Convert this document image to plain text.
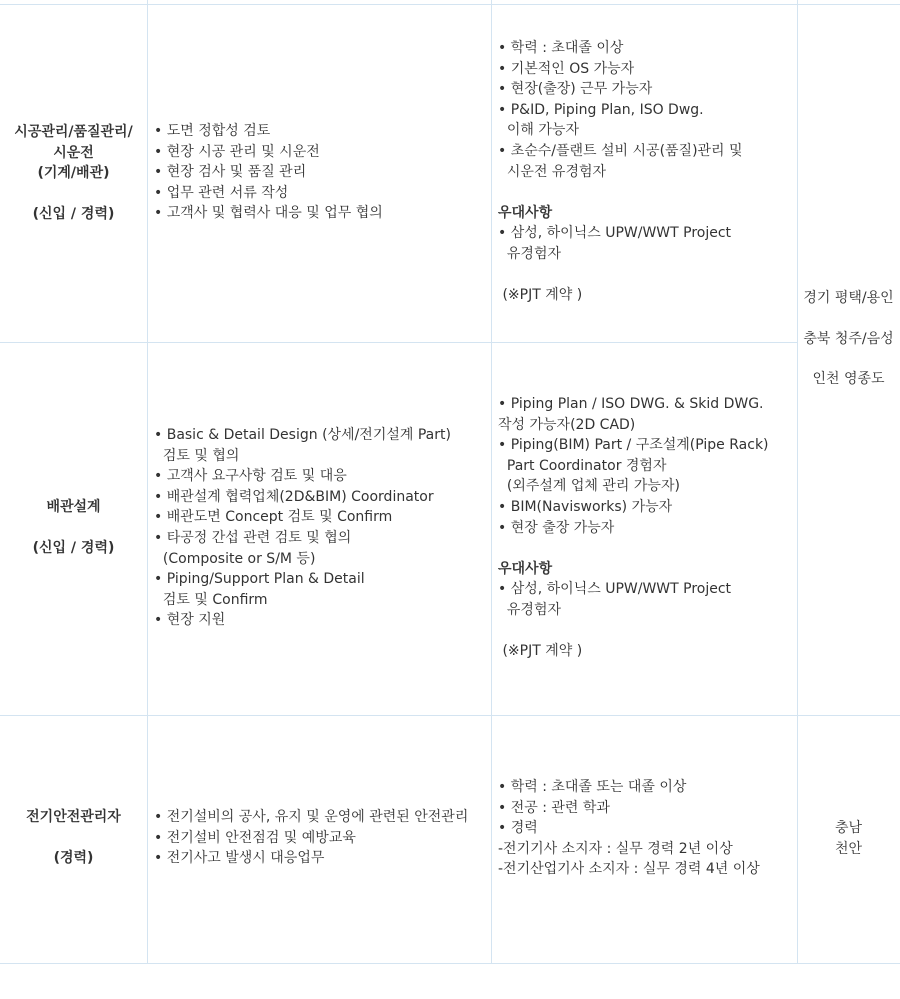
시공관리/품질관리/
시운전
(기계/배관)
(신입 / 경력)
• 도면 정합성 검토
• 현장 시공 관리 및 시운전
• 현장 검사 및 품질 관리
• 업무 관련 서류 작성
• 고객사 및 협력사 대응 및 업무 협의
• 학력 : 초대졸 이상
• 기본적인 OS 가능자
• 현장(출장) 근무 가능자
• P&ID, Piping Plan, ISO Dwg.
이해 가능자
• 초순수/플랜트 설비 시공(품질)관리 및
시운전 유경험자
우대사항
• 삼성, 하이닉스 UPW/WWT Project
유경험자
(※PJT 계약 )
배관설계
(신입 / 경력)
• Basic & Detail Design (상세/전기설계 Part)
검토 및 협의
• 고객사 요구사항 검토 및 대응
• 배관설계 협력업체(2D&BIM) Coordinator
• 배관도면 Concept 검토 및 Confirm
• 타공정 간섭 관련 검토 및 협의
(Composite or S/M 등)
• Piping/Support Plan & Detail
검토 및 Confirm
• 현장 지원
• Piping Plan / ISO DWG. & Skid DWG.
작성 가능자(2D CAD)
• Piping(BIM) Part / 구조설계(Pipe Rack)
Part Coordinator 경험자
(외주설계 업체 관리 가능자)
• BIM(Navisworks) 가능자
• 현장 출장 가능자
우대사항
• 삼성, 하이닉스 UPW/WWT Project
유경험자
(※PJT 계약 )
경기 평택/용인
충북 청주/음성
인천 영종도
전기안전관리자
(경력)
• 전기설비의 공사, 유지 및 운영에 관련된 안전관리
• 전기설비 안전점검 및 예방교육
• 전기사고 발생시 대응업무
• 학력 : 초대졸 또는 대졸 이상
• 전공 : 관련 학과
• 경력
-전기기사 소지자 : 실무 경력 2년 이상
-전기산업기사 소지자 : 실무 경력 4년 이상
충남
천안
